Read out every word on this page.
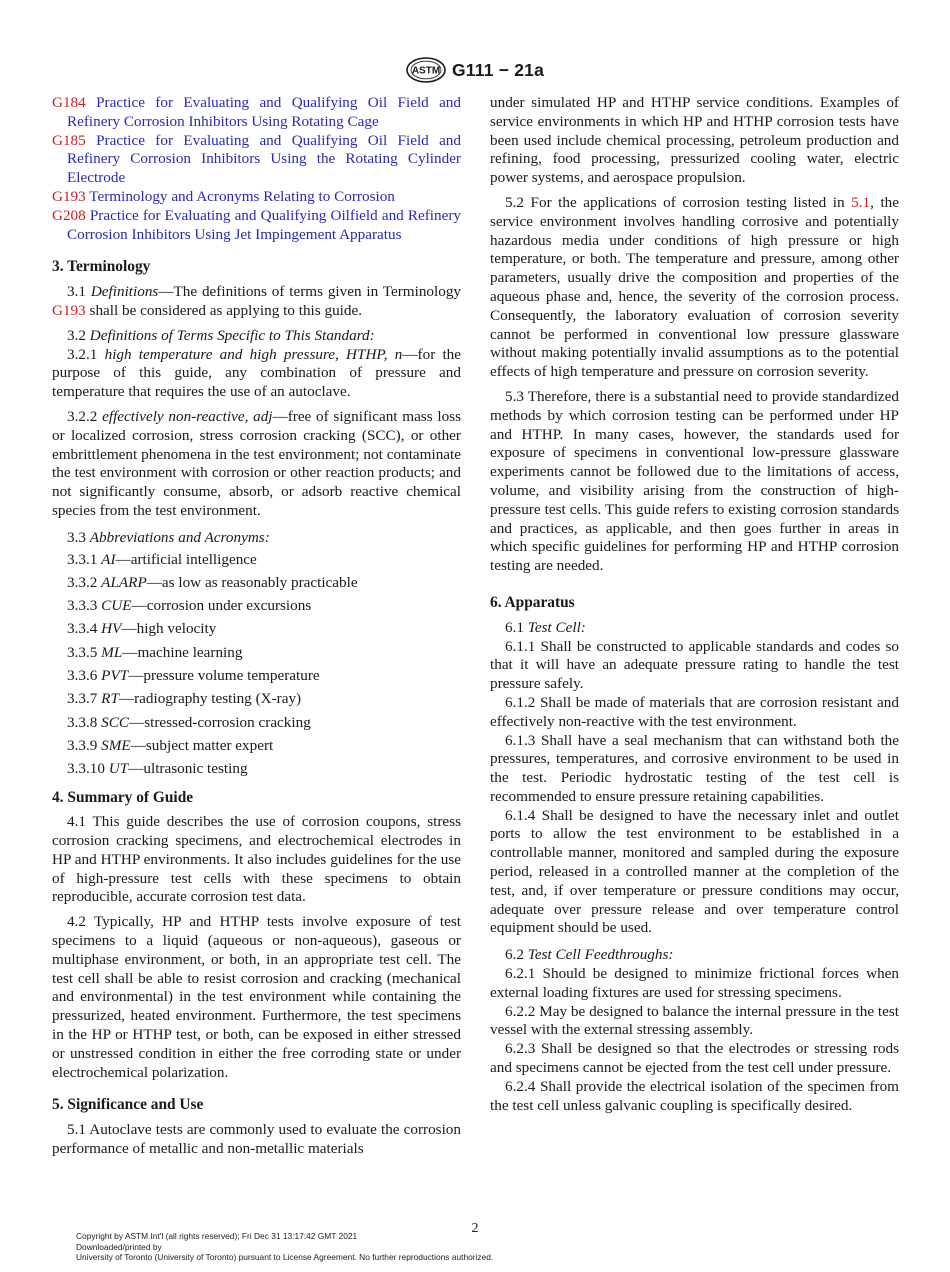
ASTM G111 − 21a

G184 Practice for Evaluating and Qualifying Oil Field and Refinery Corrosion Inhibitors Using Rotating Cage

G185 Practice for Evaluating and Qualifying Oil Field and Refinery Corrosion Inhibitors Using the Rotating Cylinder Electrode

G193 Terminology and Acronyms Relating to Corrosion

G208 Practice for Evaluating and Qualifying Oilfield and Refinery Corrosion Inhibitors Using Jet Impingement Apparatus

3. Terminology

3.1 Definitions—The definitions of terms given in Terminology G193 shall be considered as applying to this guide.

3.2 Definitions of Terms Specific to This Standard:

3.2.1 high temperature and high pressure, HTHP, n—for the purpose of this guide, any combination of pressure and temperature that requires the use of an autoclave.

3.2.2 effectively non-reactive, adj—free of significant mass loss or localized corrosion, stress corrosion cracking (SCC), or other embrittlement phenomena in the test environment; not contaminate the test environment with corrosion or other reaction products; and not significantly consume, absorb, or adsorb reactive chemical species from the test environment.

3.3 Abbreviations and Acronyms:

3.3.1 AI—artificial intelligence

3.3.2 ALARP—as low as reasonably practicable

3.3.3 CUE—corrosion under excursions

3.3.4 HV—high velocity

3.3.5 ML—machine learning

3.3.6 PVT—pressure volume temperature

3.3.7 RT—radiography testing (X-ray)

3.3.8 SCC—stressed-corrosion cracking

3.3.9 SME—subject matter expert

3.3.10 UT—ultrasonic testing

4. Summary of Guide

4.1 This guide describes the use of corrosion coupons, stress corrosion cracking specimens, and electrochemical electrodes in HP and HTHP environments. It also includes guidelines for the use of high-pressure test cells with these specimens to obtain reproducible, accurate corrosion test data.

4.2 Typically, HP and HTHP tests involve exposure of test specimens to a liquid (aqueous or non-aqueous), gaseous or multiphase environment, or both, in an appropriate test cell. The test cell shall be able to resist corrosion and cracking (mechanical and environmental) in the test environment while containing the pressurized, heated environment. Furthermore, the test specimens in the HP or HTHP test, or both, can be exposed in either stressed or unstressed condition in either the free corroding state or under electrochemical polarization.

5. Significance and Use

5.1 Autoclave tests are commonly used to evaluate the corrosion performance of metallic and non-metallic materials

under simulated HP and HTHP service conditions. Examples of service environments in which HP and HTHP corrosion tests have been used include chemical processing, petroleum production and refining, food processing, pressurized cooling water, electric power systems, and aerospace propulsion.

5.2 For the applications of corrosion testing listed in 5.1, the service environment involves handling corrosive and potentially hazardous media under conditions of high pressure or high temperature, or both. The temperature and pressure, among other parameters, usually drive the composition and properties of the aqueous phase and, hence, the severity of the corrosion process. Consequently, the laboratory evaluation of corrosion severity cannot be performed in conventional low pressure glassware without making potentially invalid assumptions as to the potential effects of high temperature and pressure on corrosion severity.

5.3 Therefore, there is a substantial need to provide standardized methods by which corrosion testing can be performed under HP and HTHP. In many cases, however, the standards used for exposure of specimens in conventional low-pressure glassware experiments cannot be followed due to the limitations of access, volume, and visibility arising from the construction of high-pressure test cells. This guide refers to existing corrosion standards and practices, as applicable, and then goes further in areas in which specific guidelines for performing HP and HTHP corrosion testing are needed.

6. Apparatus

6.1 Test Cell:

6.1.1 Shall be constructed to applicable standards and codes so that it will have an adequate pressure rating to handle the test pressure safely.

6.1.2 Shall be made of materials that are corrosion resistant and effectively non-reactive with the test environment.

6.1.3 Shall have a seal mechanism that can withstand both the pressures, temperatures, and corrosive environment to be used in the test. Periodic hydrostatic testing of the test cell is recommended to ensure pressure retaining capabilities.

6.1.4 Shall be designed to have the necessary inlet and outlet ports to allow the test environment to be established in a controllable manner, monitored and sampled during the exposure period, released in a controlled manner at the completion of the test, and, if over temperature or pressure conditions may occur, adequate over pressure release and over temperature control equipment should be used.

6.2 Test Cell Feedthroughs:

6.2.1 Should be designed to minimize frictional forces when external loading fixtures are used for stressing specimens.

6.2.2 May be designed to balance the internal pressure in the test vessel with the external stressing assembly.

6.2.3 Shall be designed so that the electrodes or stressing rods and specimens cannot be ejected from the test cell under pressure.

6.2.4 Shall provide the electrical isolation of the specimen from the test cell unless galvanic coupling is specifically desired.

2
Copyright by ASTM Int'l (all rights reserved); Fri Dec 31 13:17:42 GMT 2021
Downloaded/printed by
University of Toronto (University of Toronto) pursuant to License Agreement. No further reproductions authorized.
